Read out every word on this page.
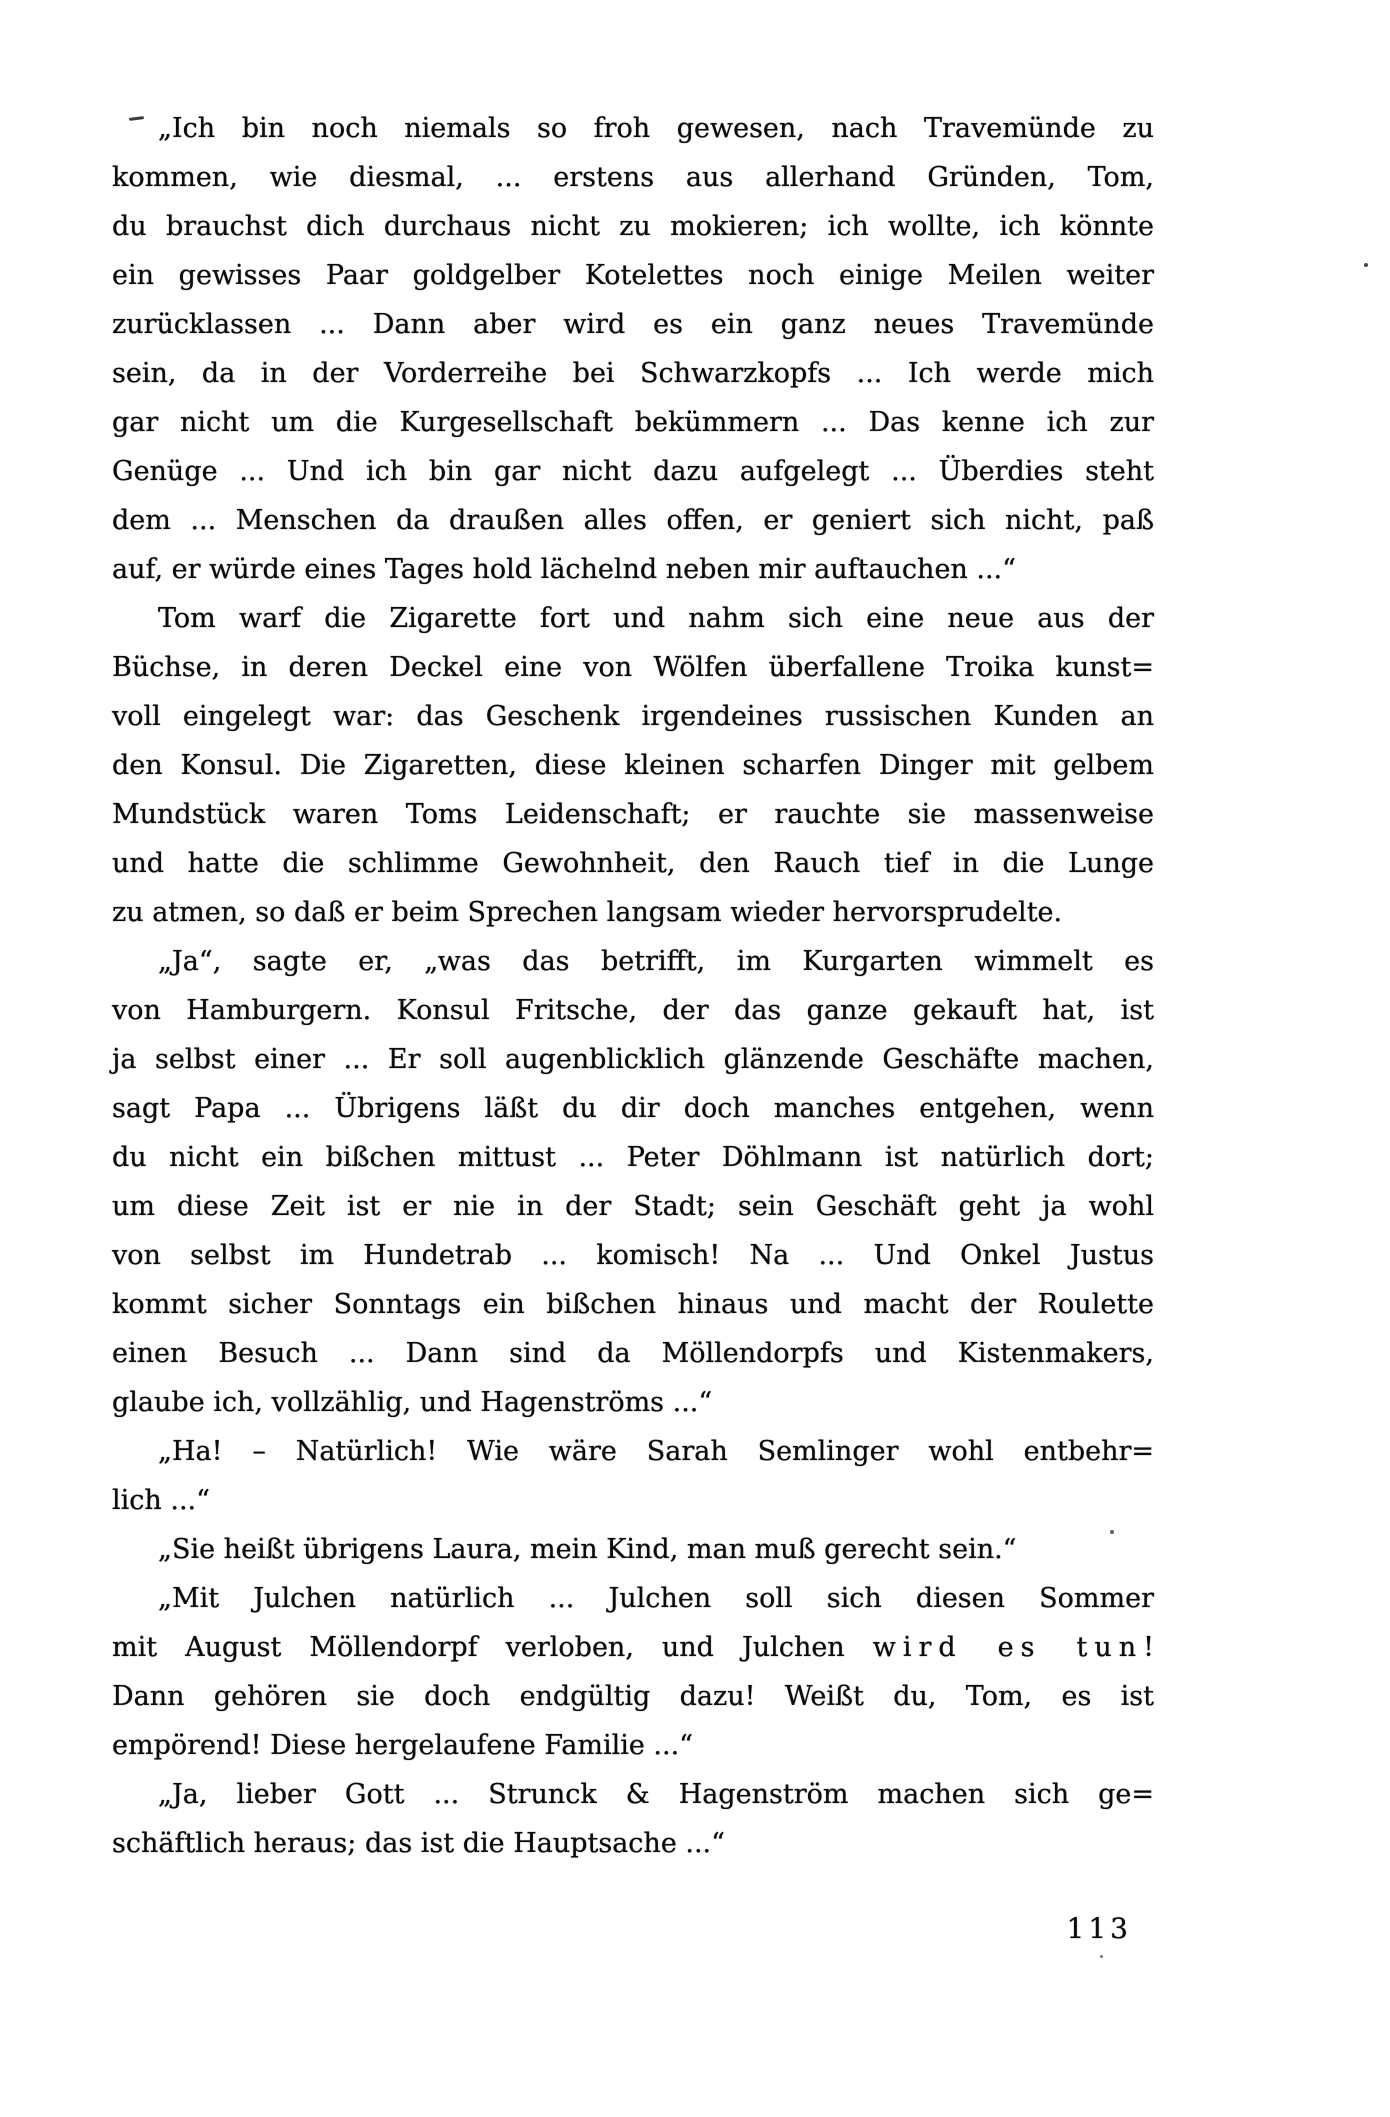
„Ich bin noch niemals so froh gewesen, nach Travemünde zu
kommen, wie diesmal, ... erstens aus allerhand Gründen, Tom,
du brauchst dich durchaus nicht zu mokieren; ich wollte, ich könnte
ein gewisses Paar goldgelber Kotelettes noch einige Meilen weiter
zurücklassen ... Dann aber wird es ein ganz neues Travemünde
sein, da in der Vorderreihe bei Schwarzkopfs ... Ich werde mich
gar nicht um die Kurgesellschaft bekümmern ... Das kenne ich zur
Genüge ... Und ich bin gar nicht dazu aufgelegt ... Überdies steht
dem ... Menschen da draußen alles offen, er geniert sich nicht, paß
auf, er würde eines Tages hold lächelnd neben mir auftauchen ...“
Tom warf die Zigarette fort und nahm sich eine neue aus der
Büchse, in deren Deckel eine von Wölfen überfallene Troika kunst=
voll eingelegt war: das Geschenk irgendeines russischen Kunden an
den Konsul. Die Zigaretten, diese kleinen scharfen Dinger mit gelbem
Mundstück waren Toms Leidenschaft; er rauchte sie massenweise
und hatte die schlimme Gewohnheit, den Rauch tief in die Lunge
zu atmen, so daß er beim Sprechen langsam wieder hervorsprudelte.
„Ja“, sagte er, „was das betrifft, im Kurgarten wimmelt es
von Hamburgern. Konsul Fritsche, der das ganze gekauft hat, ist
ja selbst einer ... Er soll augenblicklich glänzende Geschäfte machen,
sagt Papa ... Übrigens läßt du dir doch manches entgehen, wenn
du nicht ein bißchen mittust ... Peter Döhlmann ist natürlich dort;
um diese Zeit ist er nie in der Stadt; sein Geschäft geht ja wohl
von selbst im Hundetrab ... komisch! Na ... Und Onkel Justus
kommt sicher Sonntags ein bißchen hinaus und macht der Roulette
einen Besuch ... Dann sind da Möllendorpfs und Kistenmakers,
glaube ich, vollzählig, und Hagenströms ...“
„Ha! – Natürlich! Wie wäre Sarah Semlinger wohl entbehr=
lich ...“
„Sie heißt übrigens Laura, mein Kind, man muß gerecht sein.“
„Mit Julchen natürlich ... Julchen soll sich diesen Sommer
mit August Möllendorpf verloben, und Julchen wird es tun!
Dann gehören sie doch endgültig dazu! Weißt du, Tom, es ist
empörend! Diese hergelaufene Familie ...“
„Ja, lieber Gott ... Strunck & Hagenström machen sich ge=
schäftlich heraus; das ist die Hauptsache ...“
113
